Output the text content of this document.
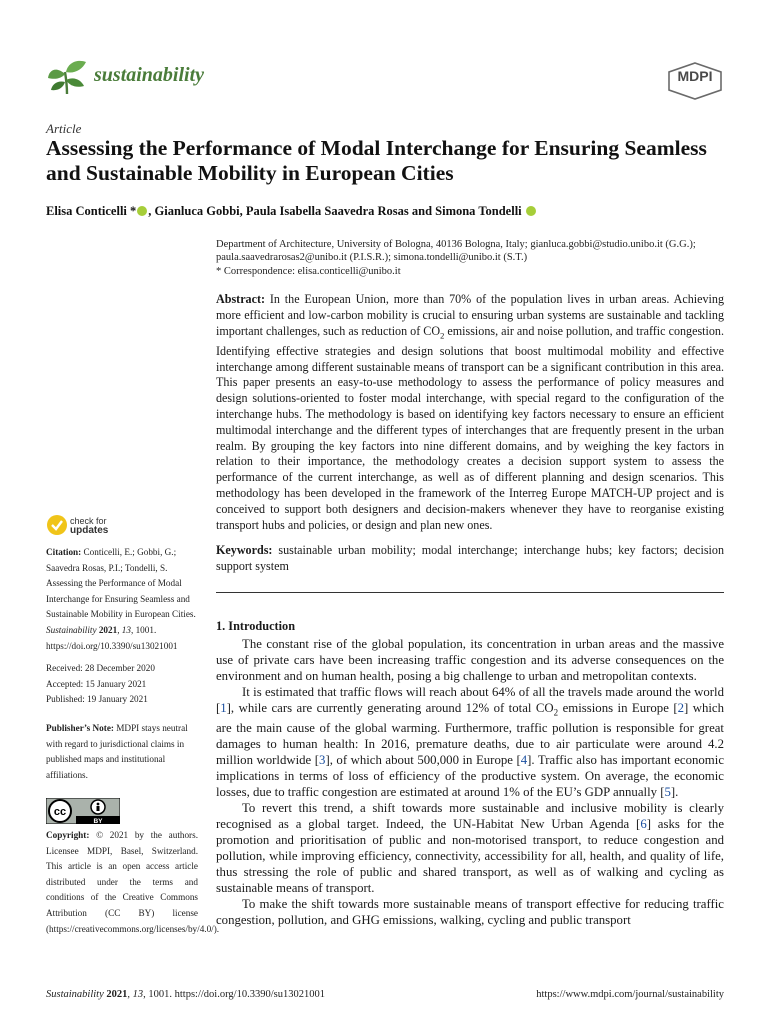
sustainability	MDPI
Article
Assessing the Performance of Modal Interchange for Ensuring Seamless and Sustainable Mobility in European Cities
Elisa Conticelli * , Gianluca Gobbi, Paula Isabella Saavedra Rosas and Simona Tondelli
Department of Architecture, University of Bologna, 40136 Bologna, Italy; gianluca.gobbi@studio.unibo.it (G.G.); paula.saavedrarosas2@unibo.it (P.I.S.R.); simona.tondelli@unibo.it (S.T.)
* Correspondence: elisa.conticelli@unibo.it
Abstract: In the European Union, more than 70% of the population lives in urban areas. Achieving more efficient and low-carbon mobility is crucial to ensuring urban systems are sustainable and tackling important challenges, such as reduction of $CO_2$ emissions, air and noise pollution, and traffic congestion. Identifying effective strategies and design solutions that boost multimodal mobility and effective interchange among different sustainable means of transport can be a significant contribution in this area. This paper presents an easy-to-use methodology to assess the performance of policy measures and design solutions-oriented to foster modal interchange, with special regard to the configuration of the interchange hubs. The methodology is based on identifying key factors necessary to ensure an efficient multimodal interchange and the different types of interchanges that are frequently present in the urban realm. By grouping the key factors into nine different domains, and by weighing the key factors in relation to their importance, the methodology creates a decision support system to assess the performance of the current interchange, as well as of different planning and design scenarios. This methodology has been developed in the framework of the Interreg Europe MATCH-UP project and is conceived to support both designers and decision-makers whenever they have to reorganise existing transport hubs and policies, or design and plan new ones.
Keywords: sustainable urban mobility; modal interchange; interchange hubs; key factors; decision support system
check for
updates
Citation: Conticelli, E.; Gobbi, G.; Saavedra Rosas, P.I.; Tondelli, S. Assessing the Performance of Modal Interchange for Ensuring Seamless and Sustainable Mobility in European Cities. Sustainability 2021, 13, 1001. https://doi.org/10.3390/su13021001
Received: 28 December 2020
Accepted: 15 January 2021
Published: 19 January 2021
Publisher’s Note: MDPI stays neutral with regard to jurisdictional claims in published maps and institutional affiliations.
cc
BY
Copyright: © 2021 by the authors. Licensee MDPI, Basel, Switzerland. This article is an open access article distributed under the terms and conditions of the Creative Commons Attribution (CC BY) license (https://creativecommons.org/licenses/by/4.0/).
1. Introduction

The constant rise of the global population, its concentration in urban areas and the massive use of private cars have been increasing traffic congestion and its adverse consequences on the environment and on human health, posing a big challenge to urban and metropolitan contexts.

It is estimated that traffic flows will reach about 64% of all the travels made around the world [1], while cars are currently generating around 12% of total $CO_2$ emissions in Europe [2] which are the main cause of the global warming. Furthermore, traffic pollution is responsible for great damages to human health: In 2016, premature deaths, due to air particulate were around 4.2 million worldwide [3], of which about 500,000 in Europe [4]. Traffic also has important economic implications in terms of loss of efficiency of the productive system. On average, the economic losses, due to traffic congestion are estimated at around 1% of the EU’s GDP annually [5].

To revert this trend, a shift towards more sustainable and inclusive mobility is clearly recognised as a global target. Indeed, the UN-Habitat New Urban Agenda [6] asks for the promotion and prioritisation of public and non-motorised transport, to reduce congestion and pollution, while improving efficiency, connectivity, accessibility for all, health, and quality of life, thus stressing the role of public and shared transport, as well as of walking and cycling as sustainable means of transport.

To make the shift towards more sustainable means of transport effective for reducing traffic congestion, pollution, and GHG emissions, walking, cycling and public transport

Sustainability 2021, 13, 1001. https://doi.org/10.3390/su13021001	https://www.mdpi.com/journal/sustainability
